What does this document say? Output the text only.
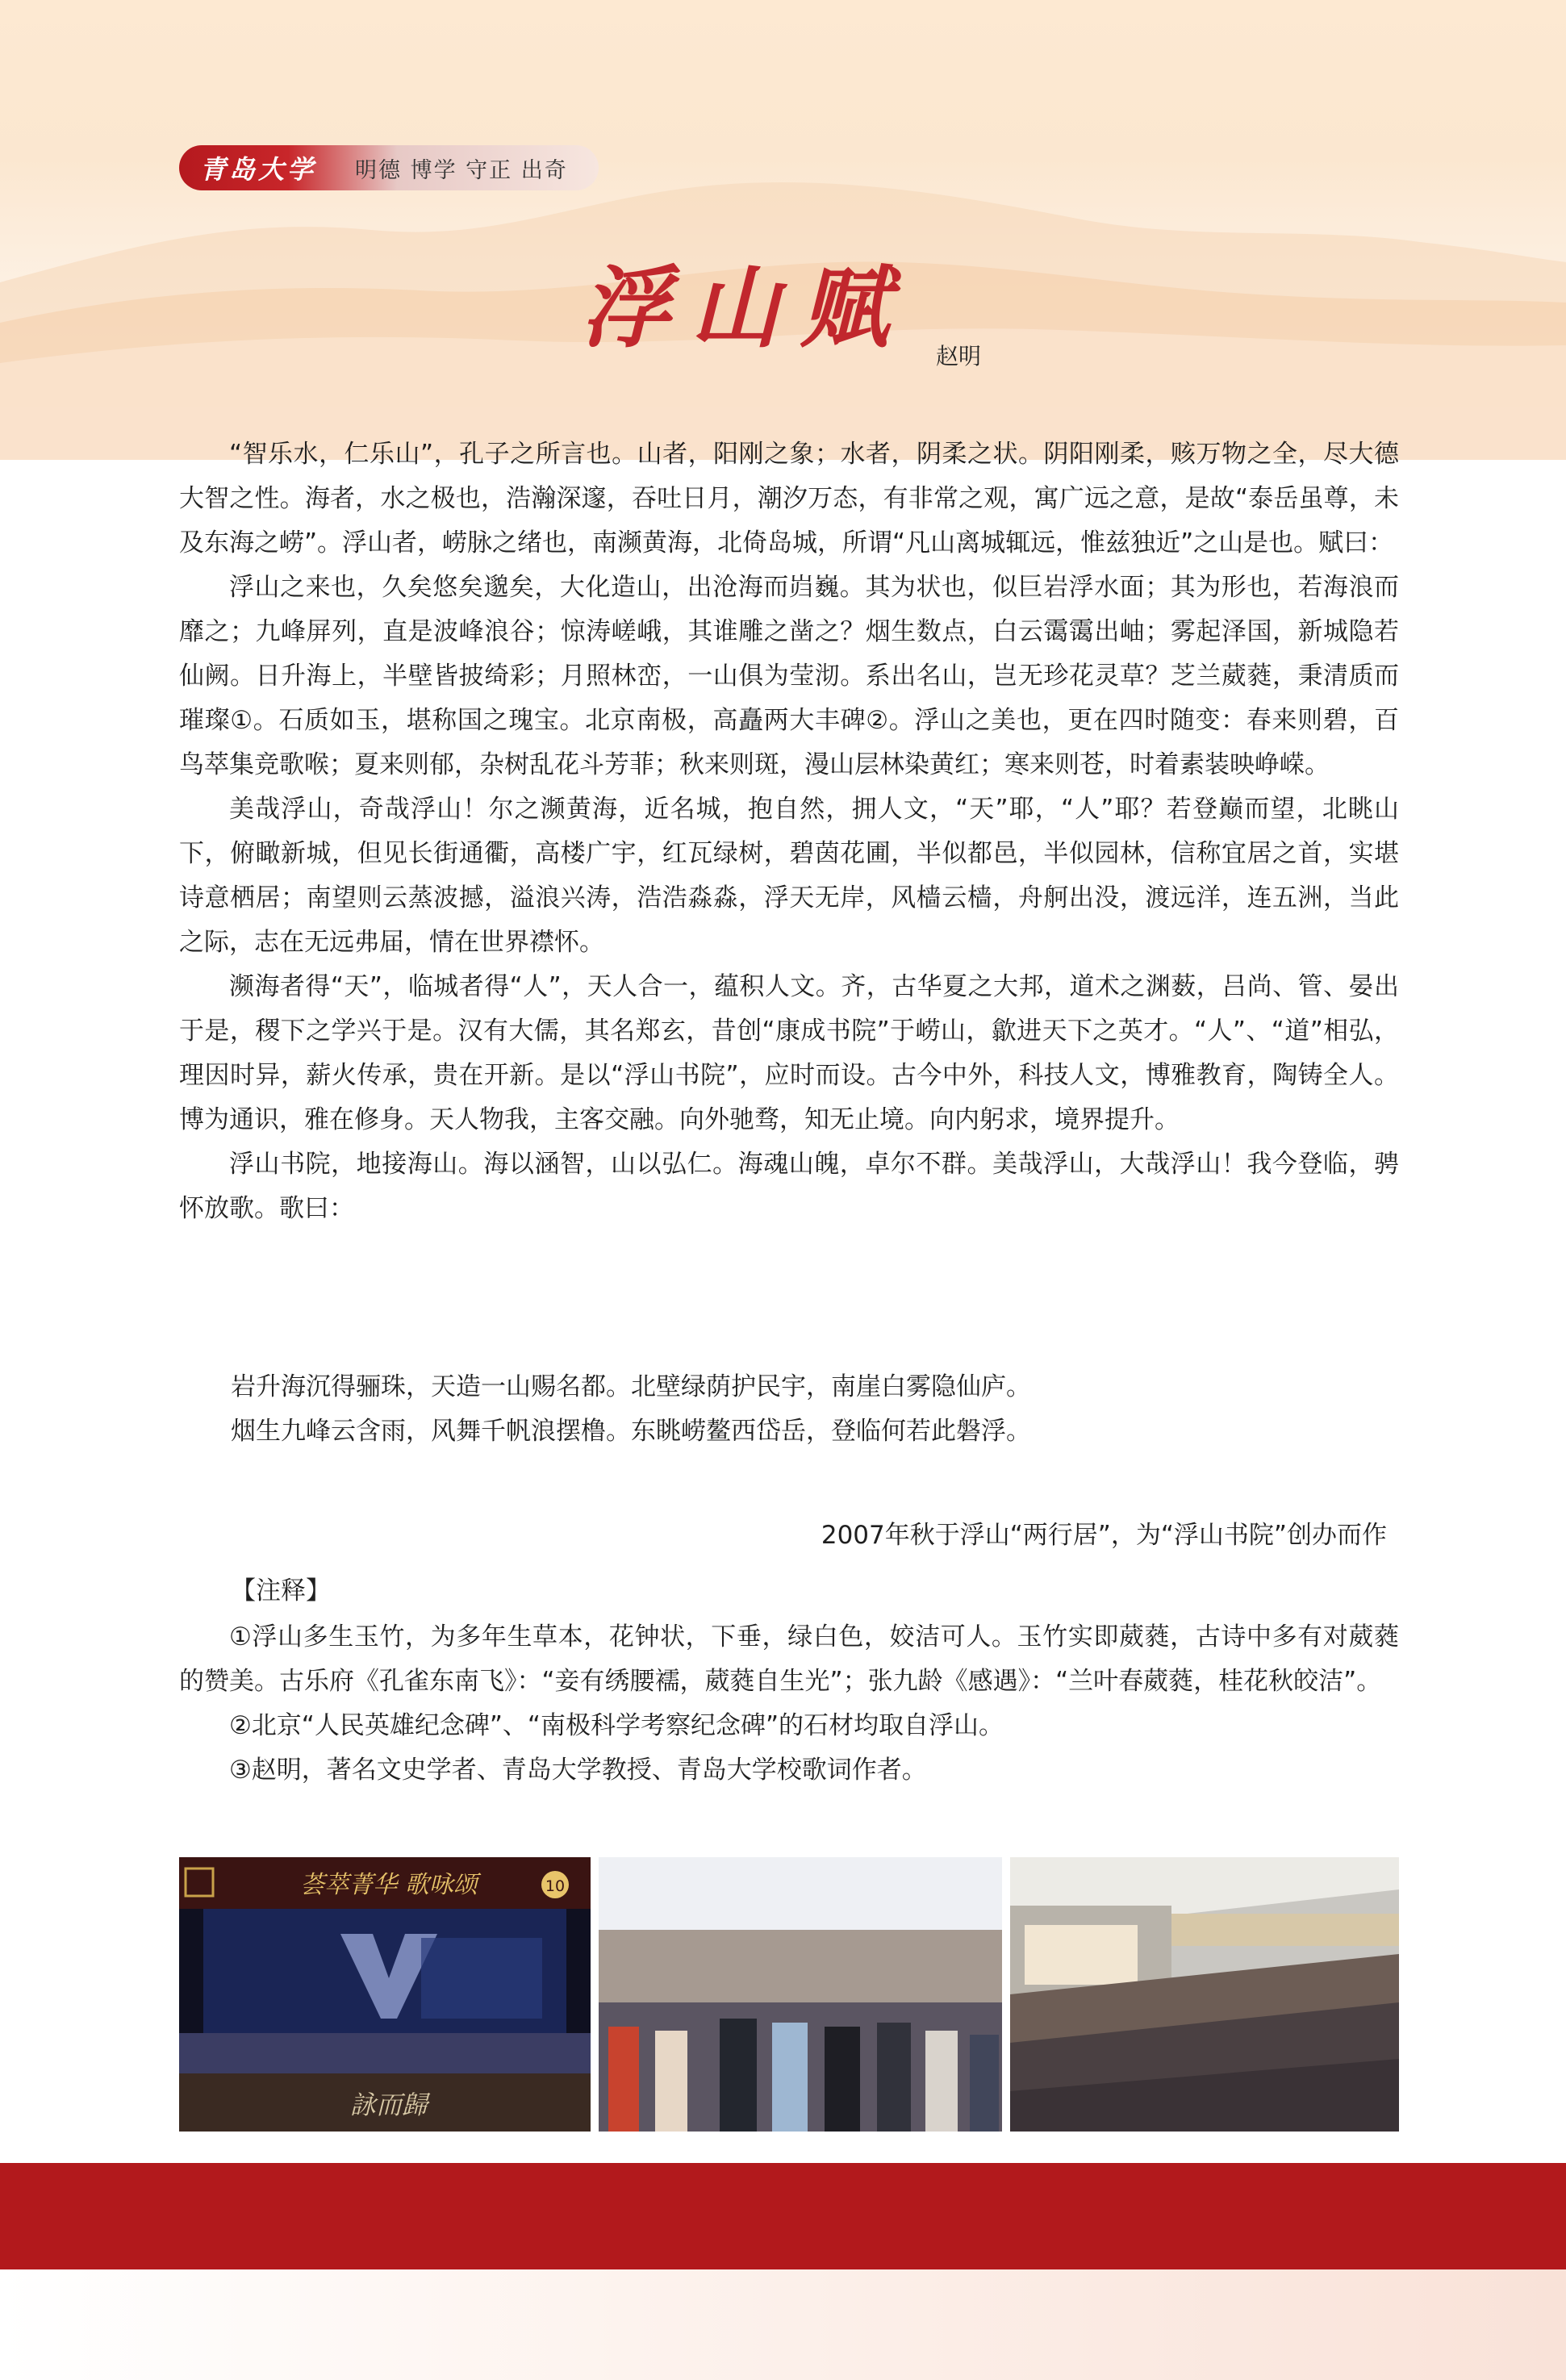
青岛大学	明德 博学 守正 出奇
浮山赋	赵明

“智乐水，仁乐山”，孔子之所言也。山者，阳刚之象；水者，阴柔之状。阴阳刚柔，赅万物之全，尽大德大智之性。海者，水之极也，浩瀚深邃，吞吐日月，潮汐万态，有非常之观，寓广远之意，是故“泰岳虽尊，未及东海之崂”。浮山者，崂脉之绪也，南濒黄海，北倚岛城，所谓“凡山离城辄远，惟兹独近”之山是也。赋曰：

浮山之来也，久矣悠矣邈矣，大化造山，出沧海而岿巍。其为状也，似巨岩浮水面；其为形也，若海浪而靡之；九峰屏列，直是波峰浪谷；惊涛嵯峨，其谁雕之凿之？烟生数点，白云霭霭出岫；雾起泽国，新城隐若仙阙。日升海上，半壁皆披绮彩；月照林峦，一山俱为莹沏。系出名山，岂无珍花灵草？芝兰葳蕤，秉清质而璀璨①。石质如玉，堪称国之瑰宝。北京南极，高矗两大丰碑②。浮山之美也，更在四时随变：春来则碧，百鸟萃集竞歌喉；夏来则郁，杂树乱花斗芳菲；秋来则斑，漫山层林染黄红；寒来则苍，时着素装映峥嵘。

美哉浮山，奇哉浮山！尔之濒黄海，近名城，抱自然，拥人文，“天”耶，“人”耶？若登巅而望，北眺山下，俯瞰新城，但见长街通衢，高楼广宇，红瓦绿树，碧茵花圃，半似都邑，半似园林，信称宜居之首，实堪诗意栖居；南望则云蒸波撼，溢浪兴涛，浩浩淼淼，浮天无岸，风樯云樯，舟舸出没，渡远洋，连五洲，当此之际，志在无远弗届，情在世界襟怀。

濒海者得“天”，临城者得“人”，天人合一，蕴积人文。齐，古华夏之大邦，道术之渊薮，吕尚、管、晏出于是，稷下之学兴于是。汉有大儒，其名郑玄，昔创“康成书院”于崂山，歙进天下之英才。“人”、“道”相弘，理因时异，薪火传承，贵在开新。是以“浮山书院”，应时而设。古今中外，科技人文，博雅教育，陶铸全人。博为通识，雅在修身。天人物我，主客交融。向外驰骛，知无止境。向内躬求，境界提升。

浮山书院，地接海山。海以涵智，山以弘仁。海魂山魄，卓尔不群。美哉浮山，大哉浮山！我今登临，骋怀放歌。歌曰：

岩升海沉得骊珠，天造一山赐名都。北壁绿荫护民宇，南崖白雾隐仙庐。
烟生九峰云含雨，风舞千帆浪摆橹。东眺崂鳌西岱岳，登临何若此磐浮。
2007年秋于浮山“两行居”，为“浮山书院”创办而作
【注释】

①浮山多生玉竹，为多年生草本，花钟状，下垂，绿白色，姣洁可人。玉竹实即葳蕤，古诗中多有对葳蕤的赞美。古乐府《孔雀东南飞》：“妾有绣腰襦，葳蕤自生光”；张九龄《感遇》：“兰叶春葳蕤，桂花秋皎洁”。

②北京“人民英雄纪念碑”、“南极科学考察纪念碑”的石材均取自浮山。

③赵明，著名文史学者、青岛大学教授、青岛大学校歌词作者。

荟萃菁华 歌咏颂	10
詠而歸
